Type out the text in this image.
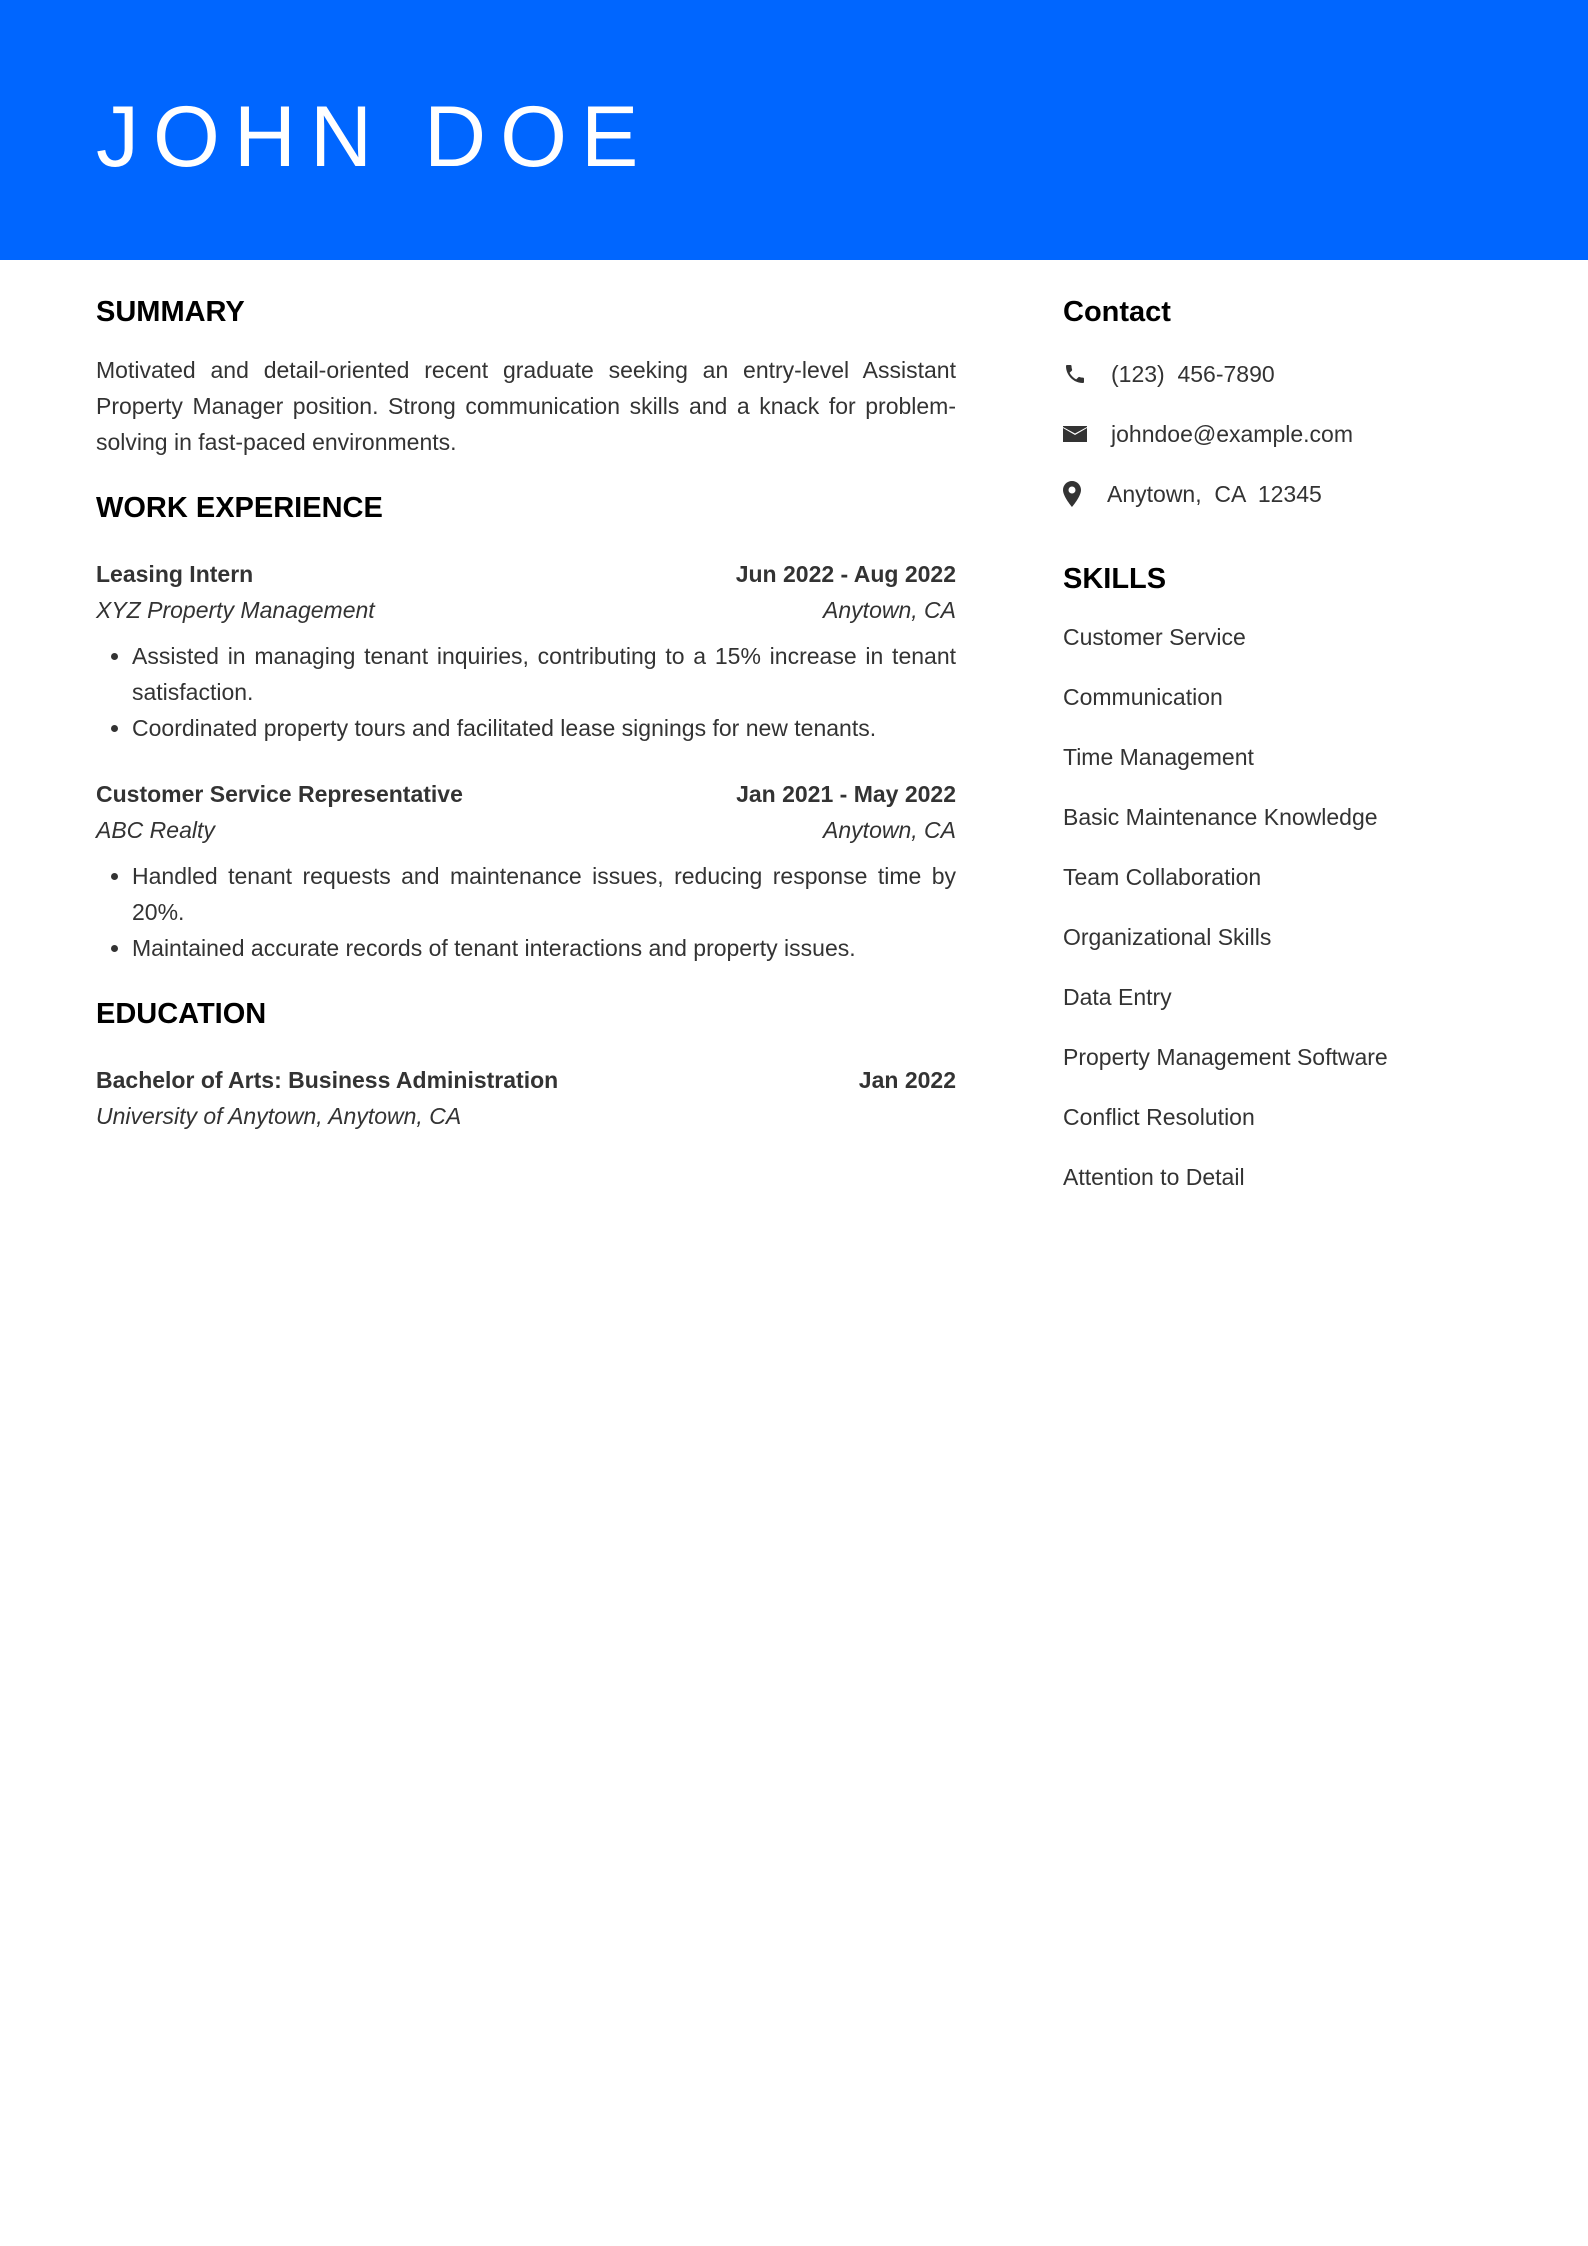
JOHN DOE
SUMMARY

Motivated and detail-oriented recent graduate seeking an entry-level Assistant Property Manager position. Strong communication skills and a knack for problem-solving in fast-paced environments.

WORK EXPERIENCE
Leasing Intern	Jun 2022 - Aug 2022
XYZ Property Management	Anytown, CA
• Assisted in managing tenant inquiries, contributing to a 15% increase in tenant satisfaction.
• Coordinated property tours and facilitated lease signings for new tenants.
Customer Service Representative	Jan 2021 - May 2022
ABC Realty	Anytown, CA
• Handled tenant requests and maintenance issues, reducing response time by 20%.
• Maintained accurate records of tenant interactions and property issues.
EDUCATION
Bachelor of Arts: Business Administration	Jan 2022
University of Anytown, Anytown, CA
Contact
(123)  456-7890
johndoe@example.com
Anytown,  CA  12345
SKILLS
Customer Service
Communication
Time Management
Basic Maintenance Knowledge
Team Collaboration
Organizational Skills
Data Entry
Property Management Software
Conflict Resolution
Attention to Detail
